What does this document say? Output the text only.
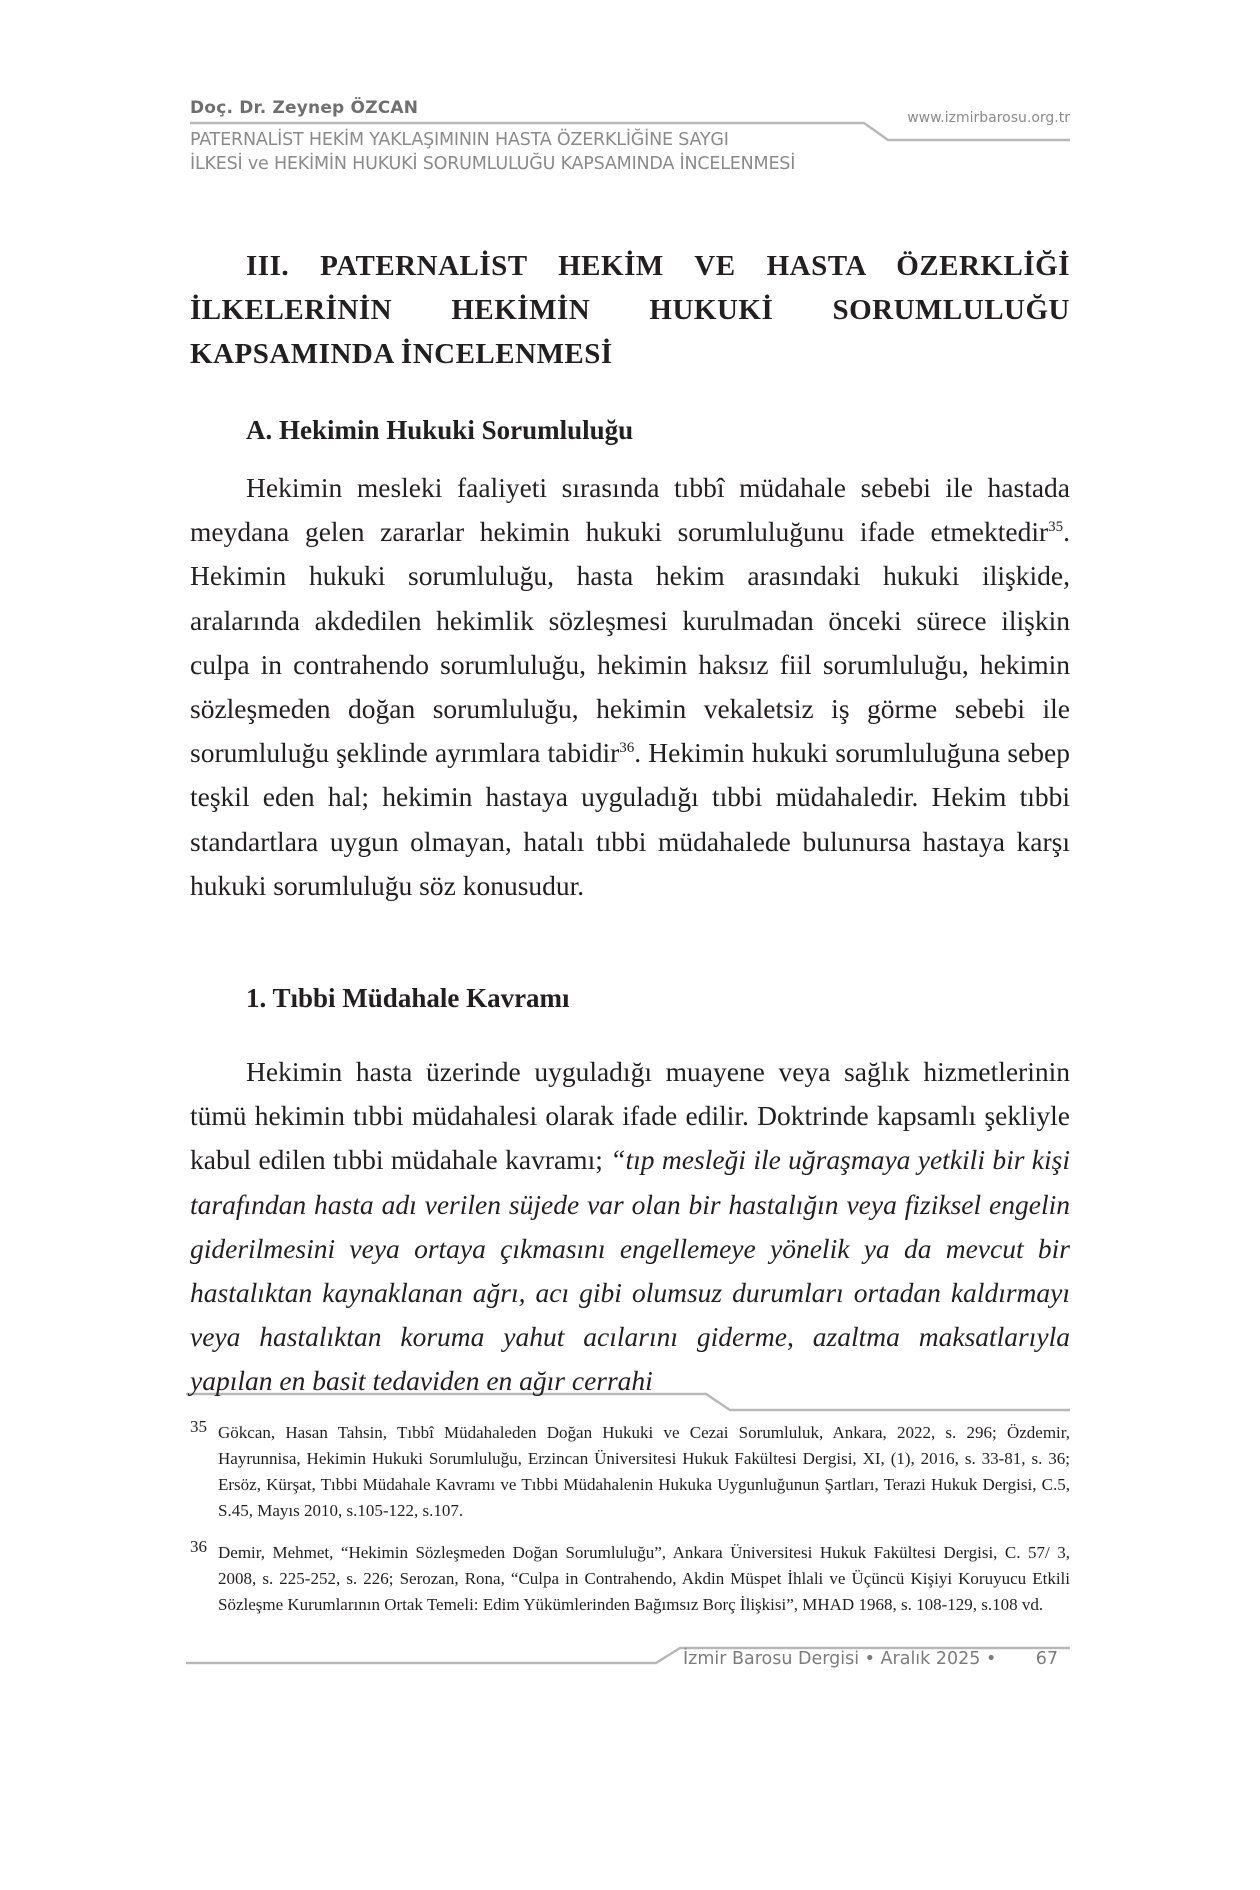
Doç. Dr. Zeynep ÖZCAN
PATERNALİST HEKİM YAKLAŞIMININ HASTA ÖZERKLİĞİNE SAYGI
İLKESİ ve HEKİMİN HUKUKİ SORUMLULUĞU KAPSAMINDA İNCELENMESİ
www.izmirbarosu.org.tr
III. PATERNALİST HEKİM VE HASTA ÖZERKLİĞİ İLKELERİNİN HEKİMİN HUKUKİ SORUMLULUĞU KAPSAMINDA İNCELENMESİ
A. Hekimin Hukuki Sorumluluğu

Hekimin mesleki faaliyeti sırasında tıbbî müdahale sebebi ile hastada meydana gelen zararlar hekimin hukuki sorumluluğunu ifade etmektedir$^{35}$. Hekimin hukuki sorumluluğu, hasta hekim arasındaki hukuki ilişkide, aralarında akdedilen hekimlik sözleşmesi kurulmadan önceki sürece ilişkin culpa in contrahendo sorumluluğu, hekimin haksız fiil sorumluluğu, hekimin sözleşmeden doğan sorumluluğu, hekimin vekaletsiz iş görme sebebi ile sorumluluğu şeklinde ayrımlara tabidir$^{36}$. Hekimin hukuki sorumluluğuna sebep teşkil eden hal; hekimin hastaya uyguladığı tıbbi müdahaledir. Hekim tıbbi standartlara uygun olmayan, hatalı tıbbi müdahalede bulunursa hastaya karşı hukuki sorumluluğu söz konusudur.

1. Tıbbi Müdahale Kavramı

Hekimin hasta üzerinde uyguladığı muayene veya sağlık hizmetlerinin tümü hekimin tıbbi müdahalesi olarak ifade edilir. Doktrinde kapsamlı şekliyle kabul edilen tıbbi müdahale kavramı; “tıp mesleği ile uğraşmaya yetkili bir kişi tarafından hasta adı verilen süjede var olan bir hastalığın veya fiziksel engelin giderilmesini veya ortaya çıkmasını engellemeye yönelik ya da mevcut bir hastalıktan kaynaklanan ağrı, acı gibi olumsuz durumları ortadan kaldırmayı veya hastalıktan koruma yahut acılarını giderme, azaltma maksatlarıyla yapılan en basit tedaviden en ağır cerrahi

35 Gökcan, Hasan Tahsin, Tıbbî Müdahaleden Doğan Hukuki ve Cezai Sorumluluk, Ankara, 2022, s. 296; Özdemir, Hayrunnisa, Hekimin Hukuki Sorumluluğu, Erzincan Üniversitesi Hukuk Fakültesi Dergisi, XI, (1), 2016, s. 33-81, s. 36; Ersöz, Kürşat, Tıbbi Müdahale Kavramı ve Tıbbi Müdahalenin Hukuka Uygunluğunun Şartları, Terazi Hukuk Dergisi, C.5, S.45, Mayıs 2010, s.105-122, s.107.
36 Demir, Mehmet, “Hekimin Sözleşmeden Doğan Sorumluluğu”, Ankara Üniversitesi Hukuk Fakültesi Dergisi, C. 57/ 3, 2008, s. 225-252, s. 226; Serozan, Rona, “Culpa in Contrahendo, Akdin Müspet İhlali ve Üçüncü Kişiyi Koruyucu Etkili Sözleşme Kurumlarının Ortak Temeli: Edim Yükümlerinden Bağımsız Borç İlişkisi”, MHAD 1968, s. 108-129, s.108 vd.
İzmir Barosu Dergisi • Aralık 2025 • 67
